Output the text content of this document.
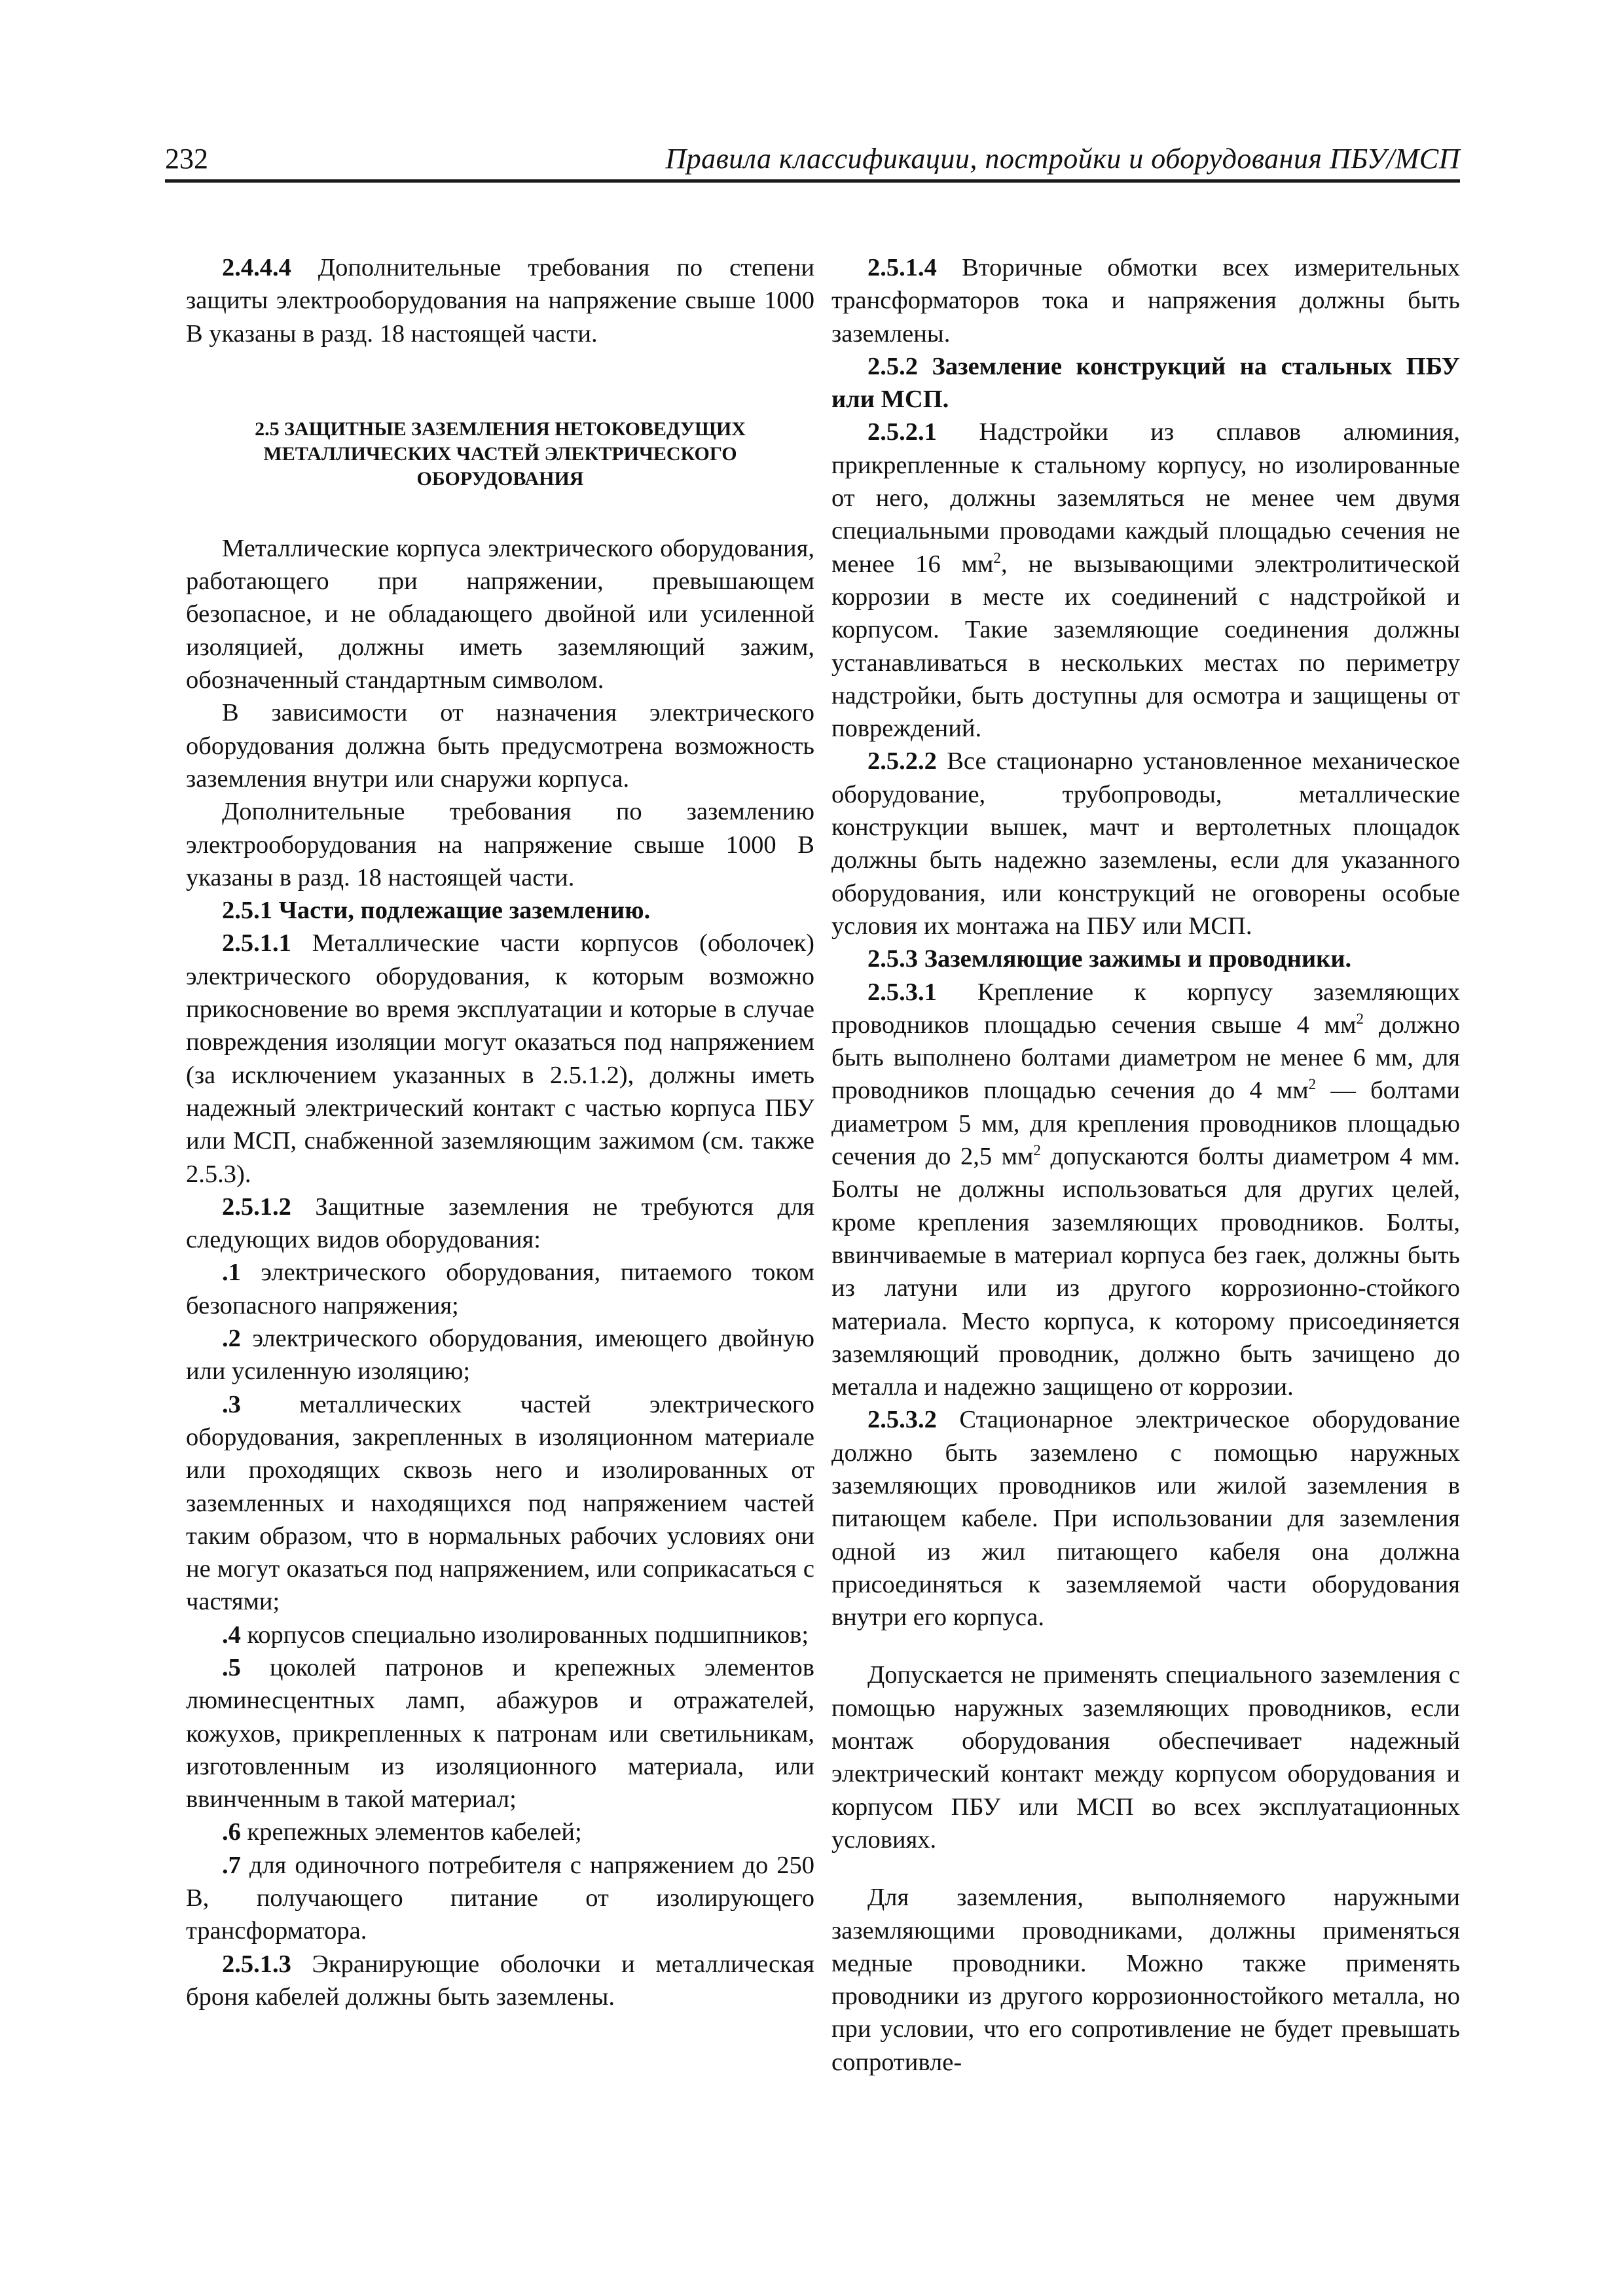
232	Правила классификации, постройки и оборудования ПБУ/МСП

2.4.4.4 Дополнительные требования по степени защиты электрооборудования на напряжение свыше 1000 В указаны в разд. 18 настоящей части.

2.5 ЗАЩИТНЫЕ ЗАЗЕМЛЕНИЯ НЕТОКОВЕДУЩИХ МЕТАЛЛИЧЕСКИХ ЧАСТЕЙ ЭЛЕКТРИЧЕСКОГО ОБОРУДОВАНИЯ

Металлические корпуса электрического оборудования, работающего при напряжении, превышающем безопасное, и не обладающего двойной или усиленной изоляцией, должны иметь заземляющий зажим, обозначенный стандартным символом.

В зависимости от назначения электрического оборудования должна быть предусмотрена возможность заземления внутри или снаружи корпуса.

Дополнительные требования по заземлению электрооборудования на напряжение свыше 1000 В указаны в разд. 18 настоящей части.

2.5.1 Части, подлежащие заземлению.

2.5.1.1 Металлические части корпусов (оболочек) электрического оборудования, к которым возможно прикосновение во время эксплуатации и которые в случае повреждения изоляции могут оказаться под напряжением (за исключением указанных в 2.5.1.2), должны иметь надежный электрический контакт с частью корпуса ПБУ или МСП, снабженной заземляющим зажимом (см. также 2.5.3).

2.5.1.2 Защитные заземления не требуются для следующих видов оборудования:

.1 электрического оборудования, питаемого током безопасного напряжения;

.2 электрического оборудования, имеющего двойную или усиленную изоляцию;

.3 металлических частей электрического оборудования, закрепленных в изоляционном материале или проходящих сквозь него и изолированных от заземленных и находящихся под напряжением частей таким образом, что в нормальных рабочих условиях они не могут оказаться под напряжением, или соприкасаться с частями;

.4 корпусов специально изолированных подшипников;

.5 цоколей патронов и крепежных элементов люминесцентных ламп, абажуров и отражателей, кожухов, прикрепленных к патронам или светильникам, изготовленным из изоляционного материала, или ввинченным в такой материал;

.6 крепежных элементов кабелей;

.7 для одиночного потребителя с напряжением до 250 В, получающего питание от изолирующего трансформатора.

2.5.1.3 Экранирующие оболочки и металлическая броня кабелей должны быть заземлены.

2.5.1.4 Вторичные обмотки всех измерительных трансформаторов тока и напряжения должны быть заземлены.

2.5.2 Заземление конструкций на стальных ПБУ или МСП.

2.5.2.1 Надстройки из сплавов алюминия, прикрепленные к стальному корпусу, но изолированные от него, должны заземляться не менее чем двумя специальными проводами каждый площадью сечения не менее 16 $мм^2$, не вызывающими электролитической коррозии в месте их соединений с надстройкой и корпусом. Такие заземляющие соединения должны устанавливаться в нескольких местах по периметру надстройки, быть доступны для осмотра и защищены от повреждений.

2.5.2.2 Все стационарно установленное механическое оборудование, трубопроводы, металлические конструкции вышек, мачт и вертолетных площадок должны быть надежно заземлены, если для указанного оборудования, или конструкций не оговорены особые условия их монтажа на ПБУ или МСП.

2.5.3 Заземляющие зажимы и проводники.

2.5.3.1 Крепление к корпусу заземляющих проводников площадью сечения свыше 4 $мм^2$ должно быть выполнено болтами диаметром не менее 6 мм, для проводников площадью сечения до 4 $мм^2$ — болтами диаметром 5 мм, для крепления проводников площадью сечения до 2,5 $мм^2$ допускаются болты диаметром 4 мм. Болты не должны использоваться для других целей, кроме крепления заземляющих проводников. Болты, ввинчиваемые в материал корпуса без гаек, должны быть из латуни или из другого коррозионно-стойкого материала. Место корпуса, к которому присоединяется заземляющий проводник, должно быть зачищено до металла и надежно защищено от коррозии.

2.5.3.2 Стационарное электрическое оборудование должно быть заземлено с помощью наружных заземляющих проводников или жилой заземления в питающем кабеле. При использовании для заземления одной из жил питающего кабеля она должна присоединяться к заземляемой части оборудования внутри его корпуса.

Допускается не применять специального заземления с помощью наружных заземляющих проводников, если монтаж оборудования обеспечивает надежный электрический контакт между корпусом оборудования и корпусом ПБУ или МСП во всех эксплуатационных условиях.

Для заземления, выполняемого наружными заземляющими проводниками, должны применяться медные проводники. Можно также применять проводники из другого коррозионностойкого металла, но при условии, что его сопротивление не будет превышать сопротивле-
